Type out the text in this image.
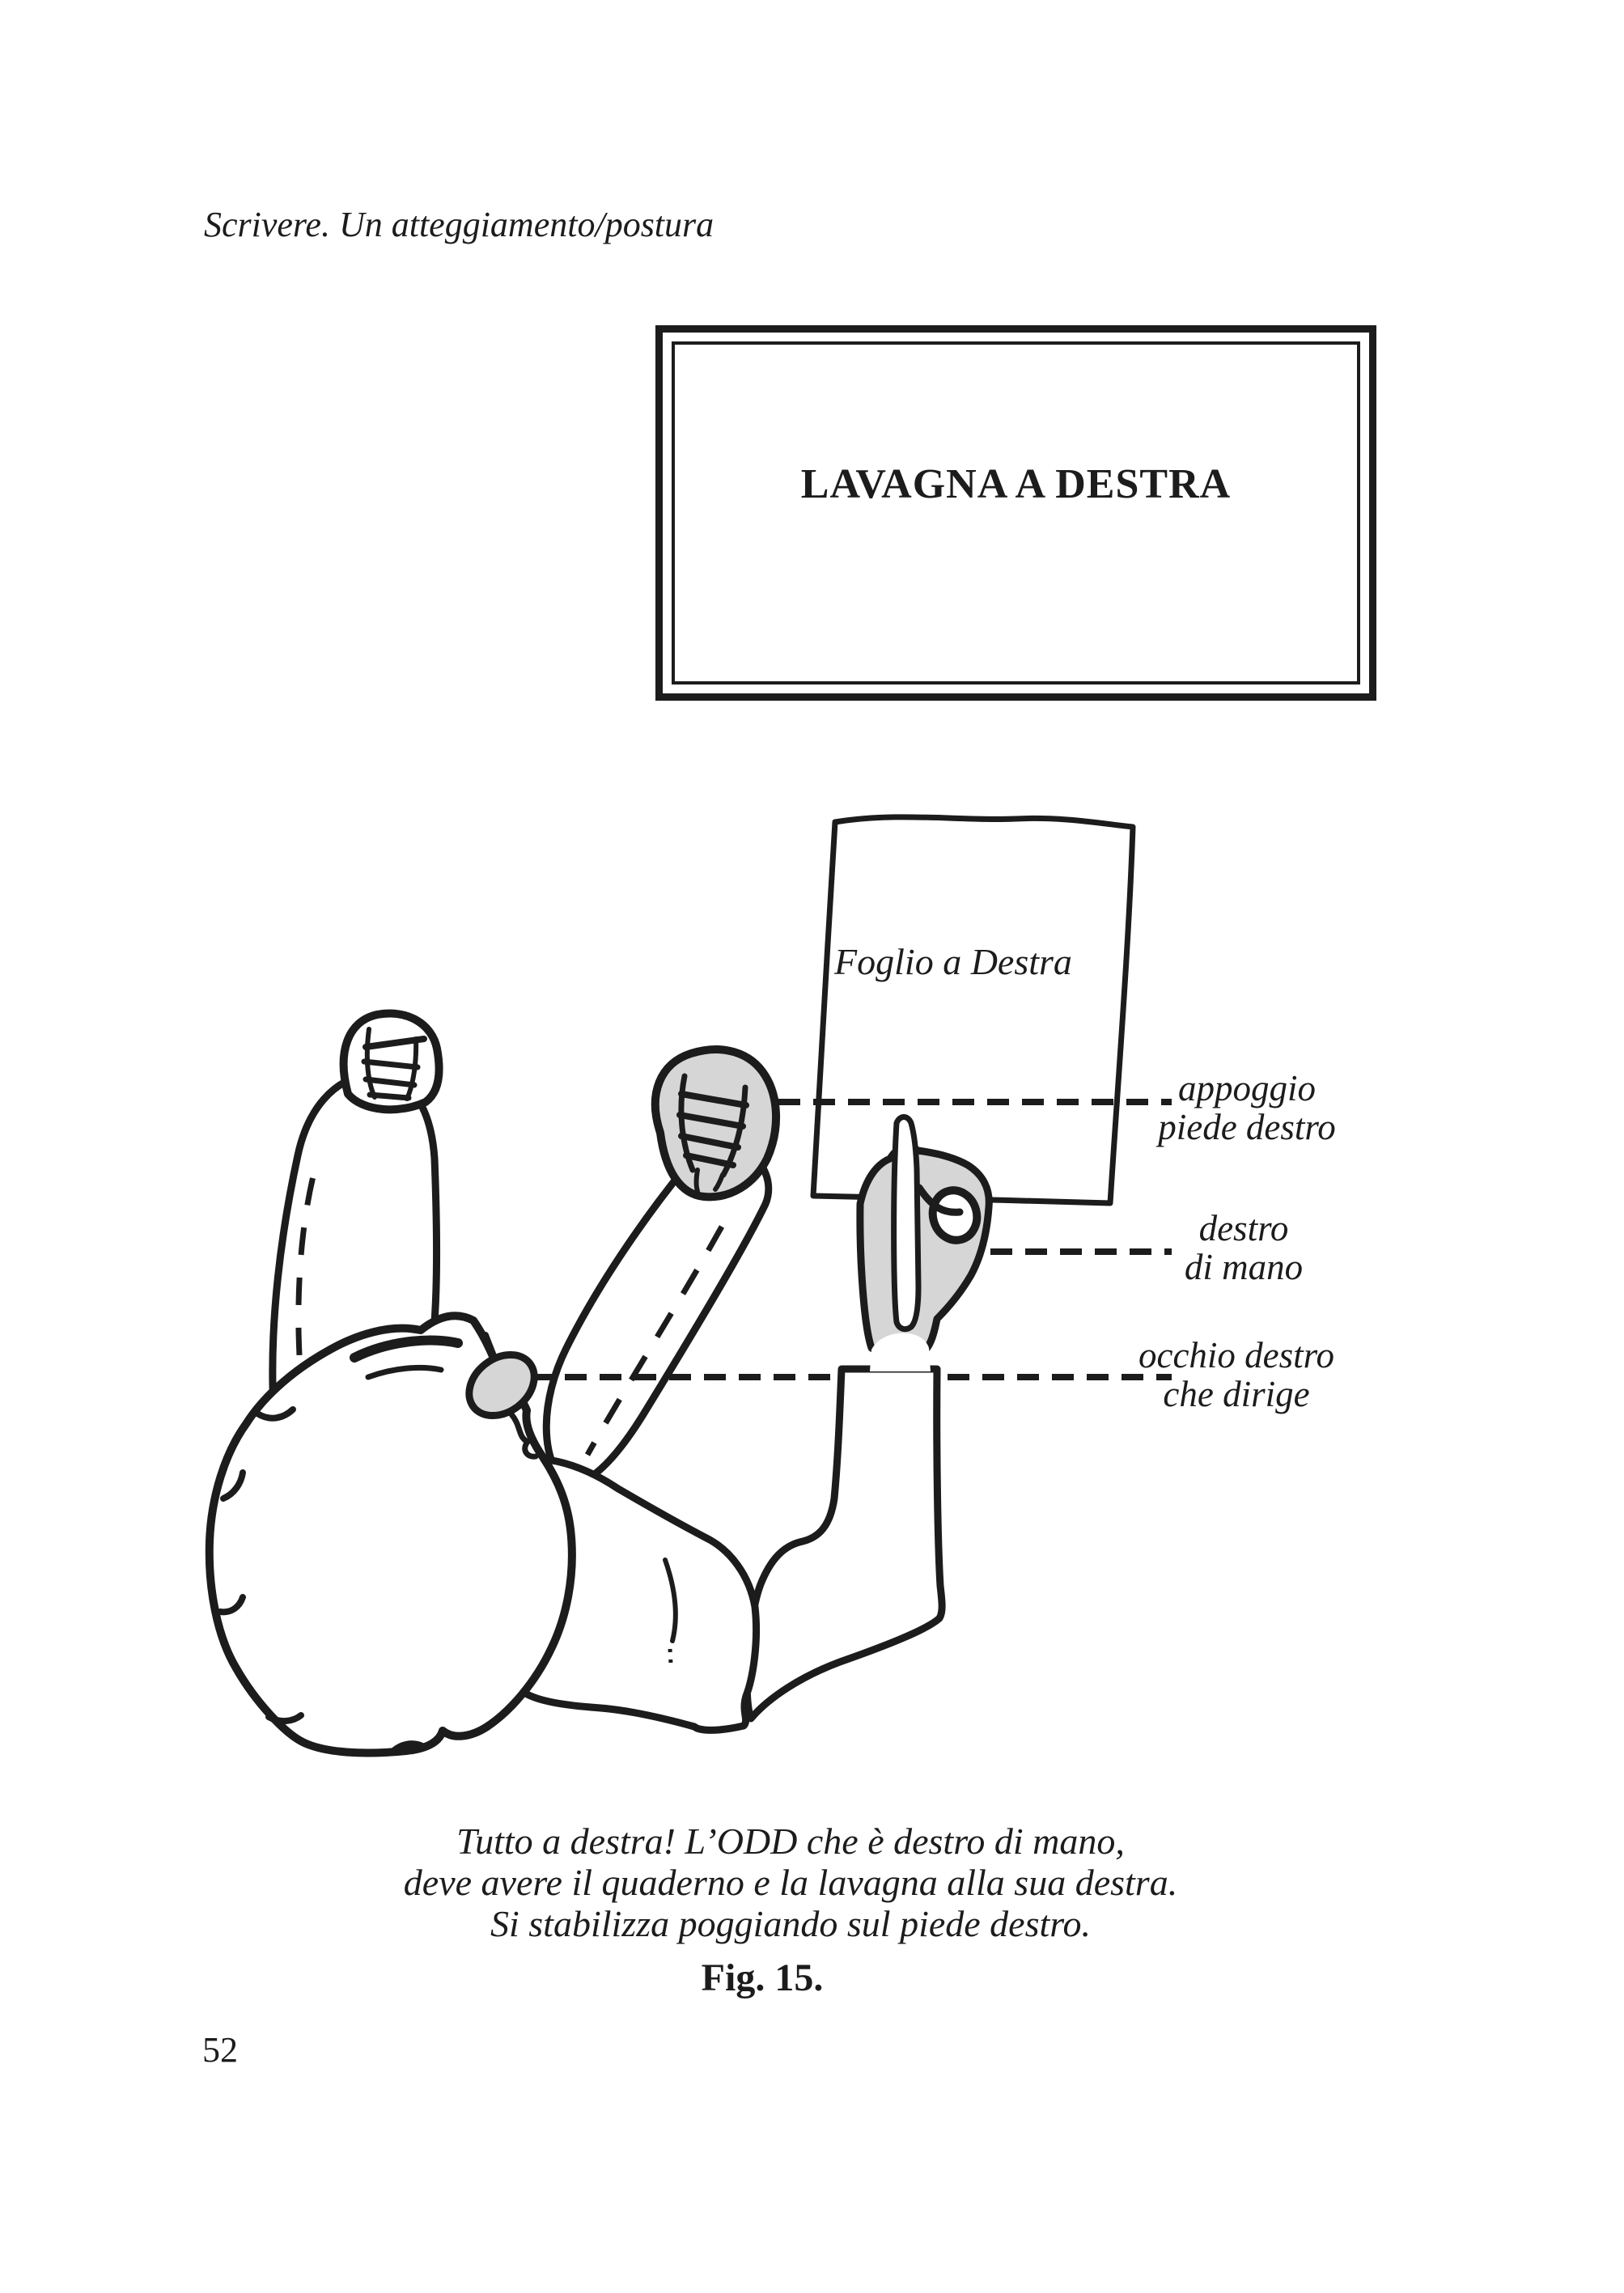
Scrivere. Un atteggiamento/postura
LAVAGNA A DESTRA
Foglio a Destra
appoggio
piede destro
destro
di mano
occhio destro
che dirige
Tutto a destra! L’ODD che è destro di mano,
deve avere il quaderno e la lavagna alla sua destra.
Si stabilizza poggiando sul piede destro.
Fig. 15.
52
